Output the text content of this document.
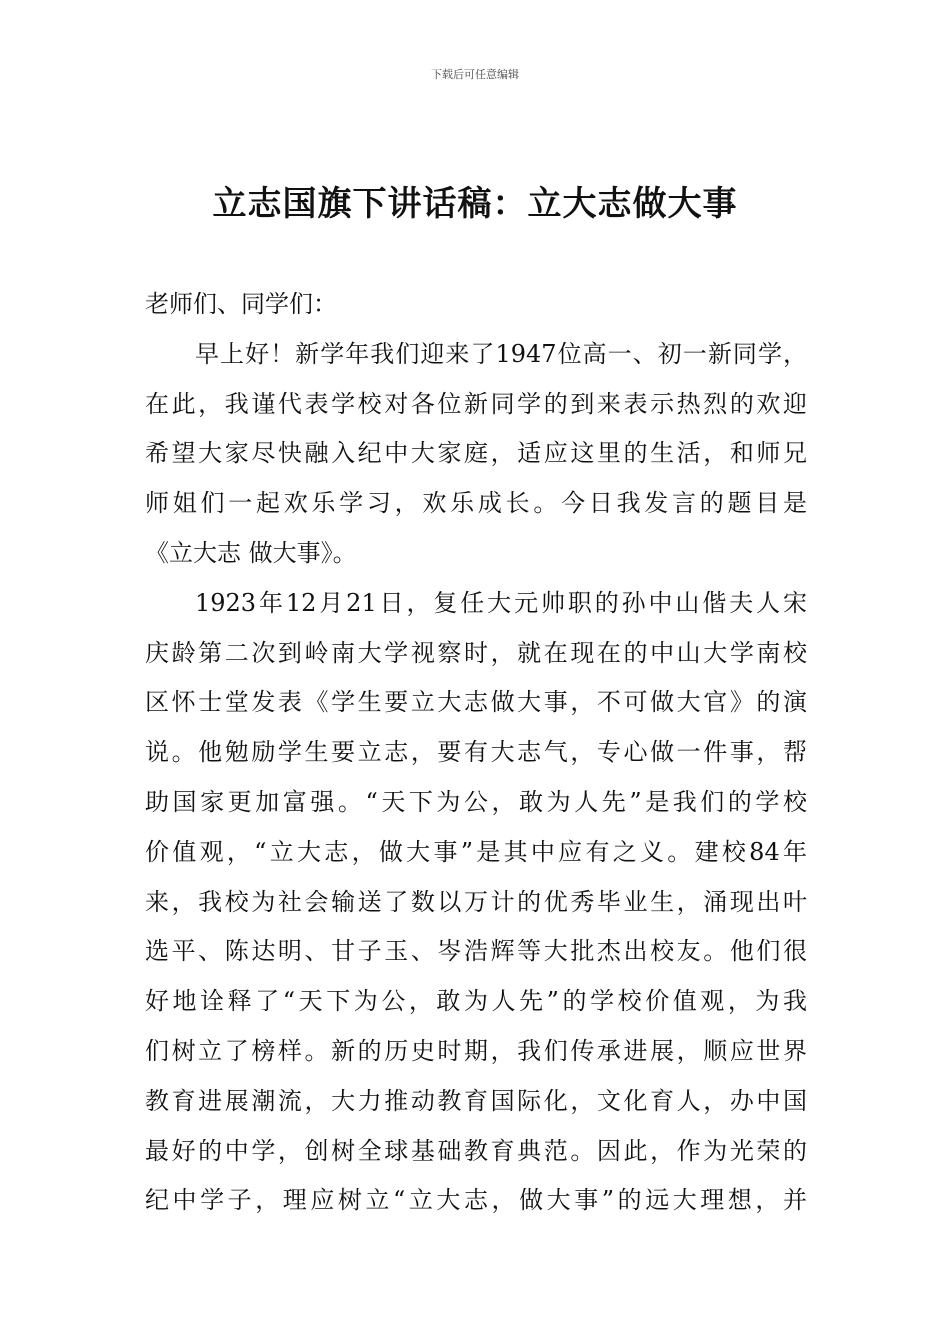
下载后可任意编辑
立志国旗下讲话稿：立大志做大事
老师们、同学们：
早上好！新学年我们迎来了1947位高一、初一新同学，
在此，我谨代表学校对各位新同学的到来表示热烈的欢迎
希望大家尽快融入纪中大家庭，适应这里的生活，和师兄
师姐们一起欢乐学习，欢乐成长。今日我发言的题目是
《立大志 做大事》。
1923年12月21日，复任大元帅职的孙中山偕夫人宋
庆龄第二次到岭南大学视察时，就在现在的中山大学南校
区怀士堂发表《学生要立大志做大事，不可做大官》的演
说。他勉励学生要立志，要有大志气，专心做一件事，帮
助国家更加富强。“天下为公，敢为人先”是我们的学校
价值观，“立大志，做大事”是其中应有之义。建校84年
来，我校为社会输送了数以万计的优秀毕业生，涌现出叶
选平、陈达明、甘子玉、岑浩辉等大批杰出校友。他们很
好地诠释了“天下为公，敢为人先”的学校价值观，为我
们树立了榜样。新的历史时期，我们传承进展，顺应世界
教育进展潮流，大力推动教育国际化，文化育人，办中国
最好的中学，创树全球基础教育典范。因此，作为光荣的
纪中学子，理应树立“立大志，做大事”的远大理想，并
